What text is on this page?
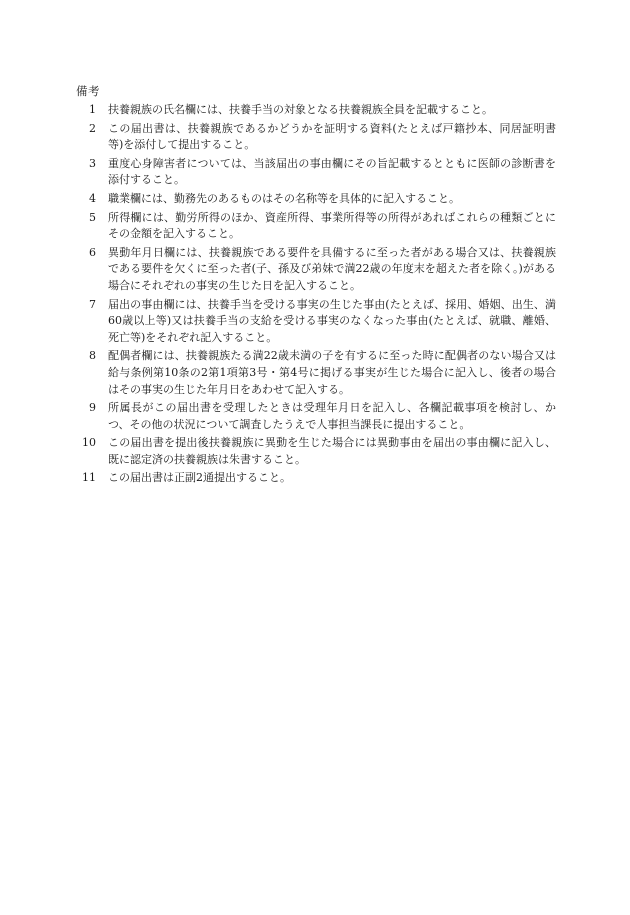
備考
1 扶養親族の氏名欄には、扶養手当の対象となる扶養親族全員を記載すること。
2 この届出書は、扶養親族であるかどうかを証明する資料(たとえば戸籍抄本、同居証明書等)を添付して提出すること。
3 重度心身障害者については、当該届出の事由欄にその旨記載するとともに医師の診断書を添付すること。
4 職業欄には、勤務先のあるものはその名称等を具体的に記入すること。
5 所得欄には、勤労所得のほか、資産所得、事業所得等の所得があればこれらの種類ごとにその金額を記入すること。
6 異動年月日欄には、扶養親族である要件を具備するに至った者がある場合又は、扶養親族である要件を欠くに至った者(子、孫及び弟妹で満22歳の年度末を超えた者を除く。)がある場合にそれぞれの事実の生じた日を記入すること。
7 届出の事由欄には、扶養手当を受ける事実の生じた事由(たとえば、採用、婚姻、出生、満60歳以上等)又は扶養手当の支給を受ける事実のなくなった事由(たとえば、就職、離婚、死亡等)をそれぞれ記入すること。
8 配偶者欄には、扶養親族たる満22歳未満の子を有するに至った時に配偶者のない場合又は給与条例第10条の2第1項第3号・第4号に掲げる事実が生じた場合に記入し、後者の場合はその事実の生じた年月日をあわせて記入する。
9 所属長がこの届出書を受理したときは受理年月日を記入し、各欄記載事項を検討し、かつ、その他の状況について調査したうえで人事担当課長に提出すること。
10 この届出書を提出後扶養親族に異動を生じた場合には異動事由を届出の事由欄に記入し、既に認定済の扶養親族は朱書すること。
11 この届出書は正副2通提出すること。
